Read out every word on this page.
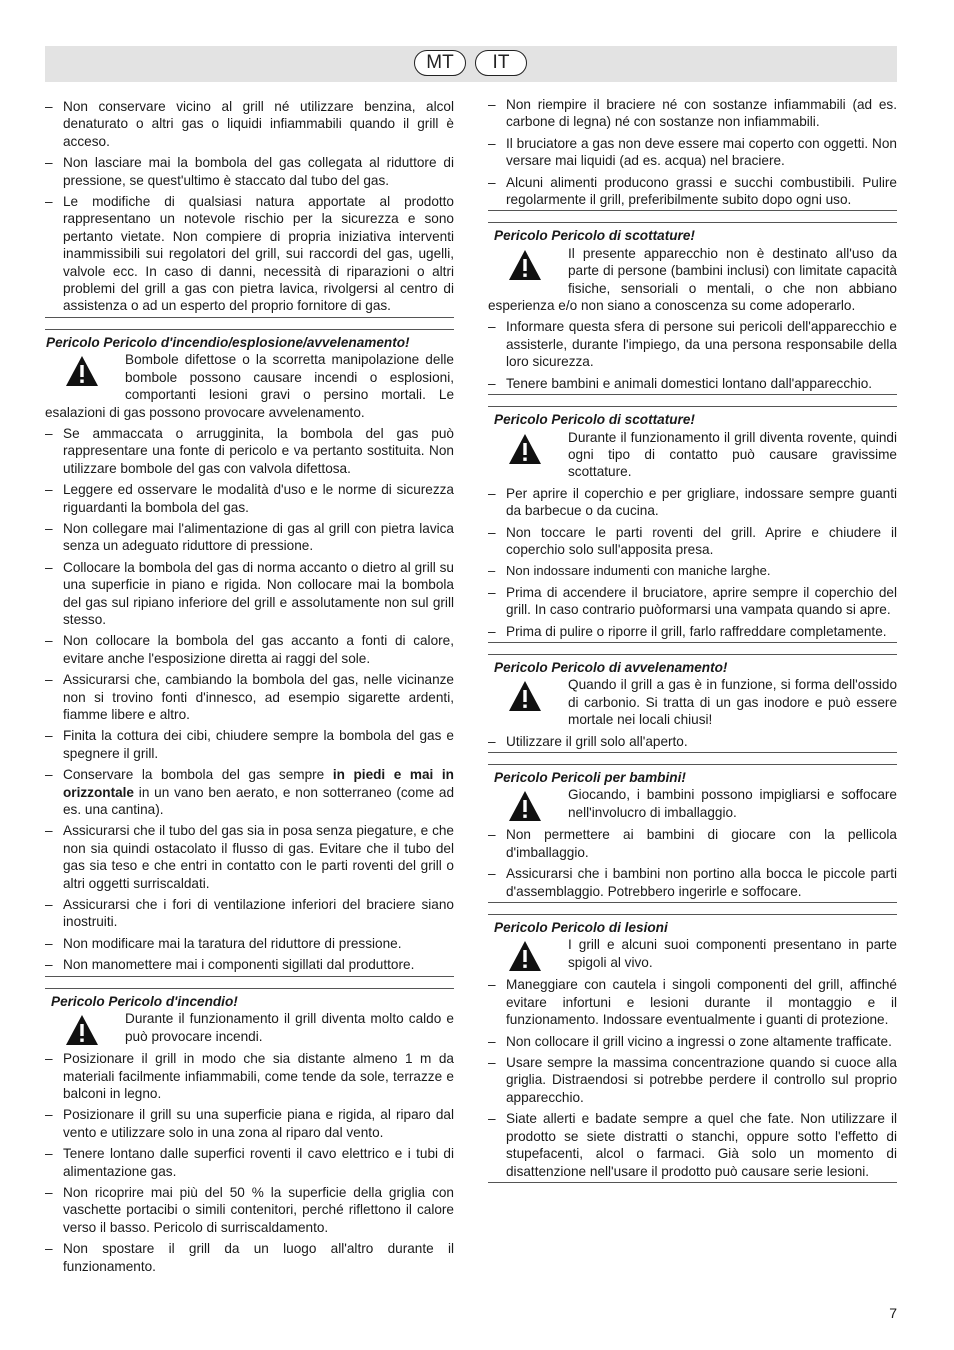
MT	IT
– Non conservare vicino al grill né utilizzare benzina, alcol denaturato o altri gas o liquidi infiammabili quando il grill è acceso.
– Non lasciare mai la bombola del gas collegata al riduttore di pressione, se quest'ultimo è staccato dal tubo del gas.
– Le modifiche di qualsiasi natura apportate al prodotto rappresentano un notevole rischio per la sicurezza e sono pertanto vietate. Non compiere di propria iniziativa interventi inammissibili sui regolatori del grill, sui raccordi del gas, ugelli, valvole ecc. In caso di danni, necessità di riparazioni o altri problemi del grill a gas con pietra lavica, rivolgersi al centro di assistenza o ad un esperto del proprio fornitore di gas.
Pericolo Pericolo d'incendio/esplosione/avvelenamento!
Bombole difettose o la scorretta manipolazione delle bombole possono causare incendi o esplosioni, comportanti lesioni gravi o persino mortali. Le esalazioni di gas possono provocare avvelenamento.
– Se ammaccata o arrugginita, la bombola del gas può rappresentare una fonte di pericolo e va pertanto sostituita. Non utilizzare bombole del gas con valvola difettosa.
– Leggere ed osservare le modalità d'uso e le norme di sicurezza riguardanti la bombola del gas.
– Non collegare mai l'alimentazione di gas al grill con pietra lavica senza un adeguato riduttore di pressione.
– Collocare la bombola del gas di norma accanto o dietro al grill su una superficie in piano e rigida. Non collocare mai la bombola del gas sul ripiano inferiore del grill e assolutamente non sul grill stesso.
– Non collocare la bombola del gas accanto a fonti di calore, evitare anche l'esposizione diretta ai raggi del sole.
– Assicurarsi che, cambiando la bombola del gas, nelle vicinanze non si trovino fonti d'innesco, ad esempio sigarette ardenti, fiamme libere e altro.
– Finita la cottura dei cibi, chiudere sempre la bombola del gas e spegnere il grill.
– Conservare la bombola del gas sempre in piedi e mai in orizzontale in un vano ben aerato, e non sotterraneo (come ad es. una cantina).
– Assicurarsi che il tubo del gas sia in posa senza piegature, e che non sia quindi ostacolato il flusso di gas. Evitare che il tubo del gas sia teso e che entri in contatto con le parti roventi del grill o altri oggetti surriscaldati.
– Assicurarsi che i fori di ventilazione inferiori del braciere siano inostruiti.
– Non modificare mai la taratura del riduttore di pressione.
– Non manomettere mai i componenti sigillati dal produttore.
Pericolo Pericolo d'incendio!
Durante il funzionamento il grill diventa molto caldo e può provocare incendi.
– Posizionare il grill in modo che sia distante almeno 1 m da materiali facilmente infiammabili, come tende da sole, terrazze e balconi in legno.
– Posizionare il grill su una superficie piana e rigida, al riparo dal vento e utilizzare solo in una zona al riparo dal vento.
– Tenere lontano dalle superfici roventi il cavo elettrico e i tubi di alimentazione gas.
– Non ricoprire mai più del 50 % la superficie della griglia con vaschette portacibi o simili contenitori, perché riflettono il calore verso il basso. Pericolo di surriscaldamento.
– Non spostare il grill da un luogo all'altro durante il funzionamento.
– Non riempire il braciere né con sostanze infiammabili (ad es. carbone di legna) né con sostanze non infiammabili.
– Il bruciatore a gas non deve essere mai coperto con oggetti. Non versare mai liquidi (ad es. acqua) nel braciere.
– Alcuni alimenti producono grassi e succhi combustibili. Pulire regolarmente il grill, preferibilmente subito dopo ogni uso.
Pericolo Pericolo di scottature!
Il presente apparecchio non è destinato all'uso da parte di persone (bambini inclusi) con limitate capacità fisiche, sensoriali o mentali, o che non abbiano esperienza e/o non siano a conoscenza su come adoperarlo.
– Informare questa sfera di persone sui pericoli dell'apparecchio e assisterle, durante l'impiego, da una persona responsabile della loro sicurezza.
– Tenere bambini e animali domestici lontano dall'apparecchio.
Pericolo Pericolo di scottature!
Durante il funzionamento il grill diventa rovente, quindi ogni tipo di contatto può causare gravissime scottature.
– Per aprire il coperchio e per grigliare, indossare sempre guanti da barbecue o da cucina.
– Non toccare le parti roventi del grill. Aprire e chiudere il coperchio solo sull'apposita presa.
– Non indossare indumenti con maniche larghe.
– Prima di accendere il bruciatore, aprire sempre il coperchio del grill. In caso contrario puòformarsi una vampata quando si apre.
– Prima di pulire o riporre il grill, farlo raffreddare completamente.
Pericolo Pericolo di avvelenamento!
Quando il grill a gas è in funzione, si forma dell'ossido di carbonio. Si tratta di un gas inodore e può essere mortale nei locali chiusi!
– Utilizzare il grill solo all'aperto.
Pericolo Pericoli per bambini!
Giocando, i bambini possono impigliarsi e soffocare nell'involucro di imballaggio.
– Non permettere ai bambini di giocare con la pellicola d'imballaggio.
– Assicurarsi che i bambini non portino alla bocca le piccole parti d'assemblaggio. Potrebbero ingerirle e soffocare.
Pericolo Pericolo di lesioni
I grill e alcuni suoi componenti presentano in parte spigoli al vivo.
– Maneggiare con cautela i singoli componenti del grill, affinché evitare infortuni e lesioni durante il montaggio e il funzionamento. Indossare eventualmente i guanti di protezione.
– Non collocare il grill vicino a ingressi o zone altamente trafficate.
– Usare sempre la massima concentrazione quando si cuoce alla griglia. Distraendosi si potrebbe perdere il controllo sul proprio apparecchio.
– Siate allerti e badate sempre a quel che fate. Non utilizzare il prodotto se siete distratti o stanchi, oppure sotto l'effetto di stupefacenti, alcol o farmaci. Già solo un momento di disattenzione nell'usare il prodotto può causare serie lesioni.
7
